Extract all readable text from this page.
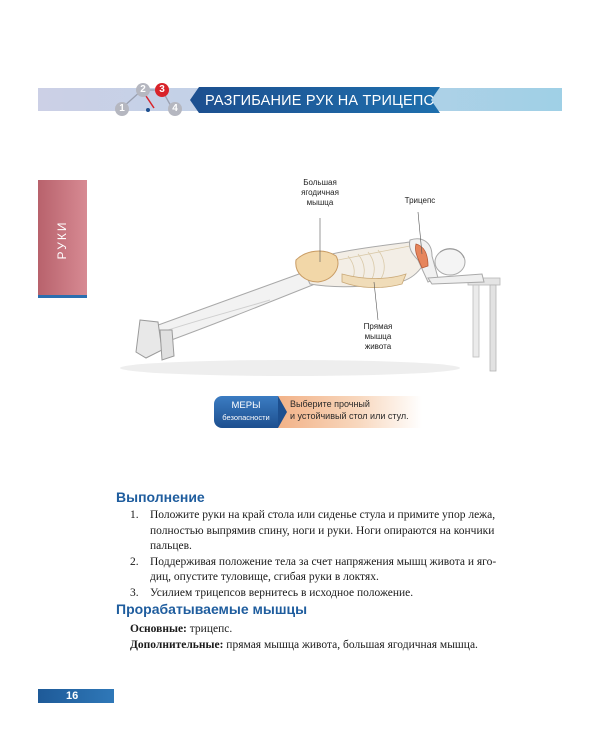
1
2	3
4 РАЗГИБАНИЕ РУК НА ТРИЦЕПС
РУКИ
Большая
ягодичная
мышца	Трицепс
Прямая
мышца
живота
МЕРЫ
безопасности
Выберите прочный
и устойчивый стол или стул.
Выполнение
1. Положите руки на край стола или сиденье стула и примите упор лежа,
полностью выпрямив спину, ноги и руки. Ноги опираются на кончики
пальцев.
2. Поддерживая положение тела за счет напряжения мышц живота и яго-
диц, опустите туловище, сгибая руки в локтях.
3. Усилием трицепсов вернитесь в исходное положение.
Прорабатываемые мышцы
Основные: трицепс.
Дополнительные: прямая мышца живота, большая ягодичная мышца.
16
